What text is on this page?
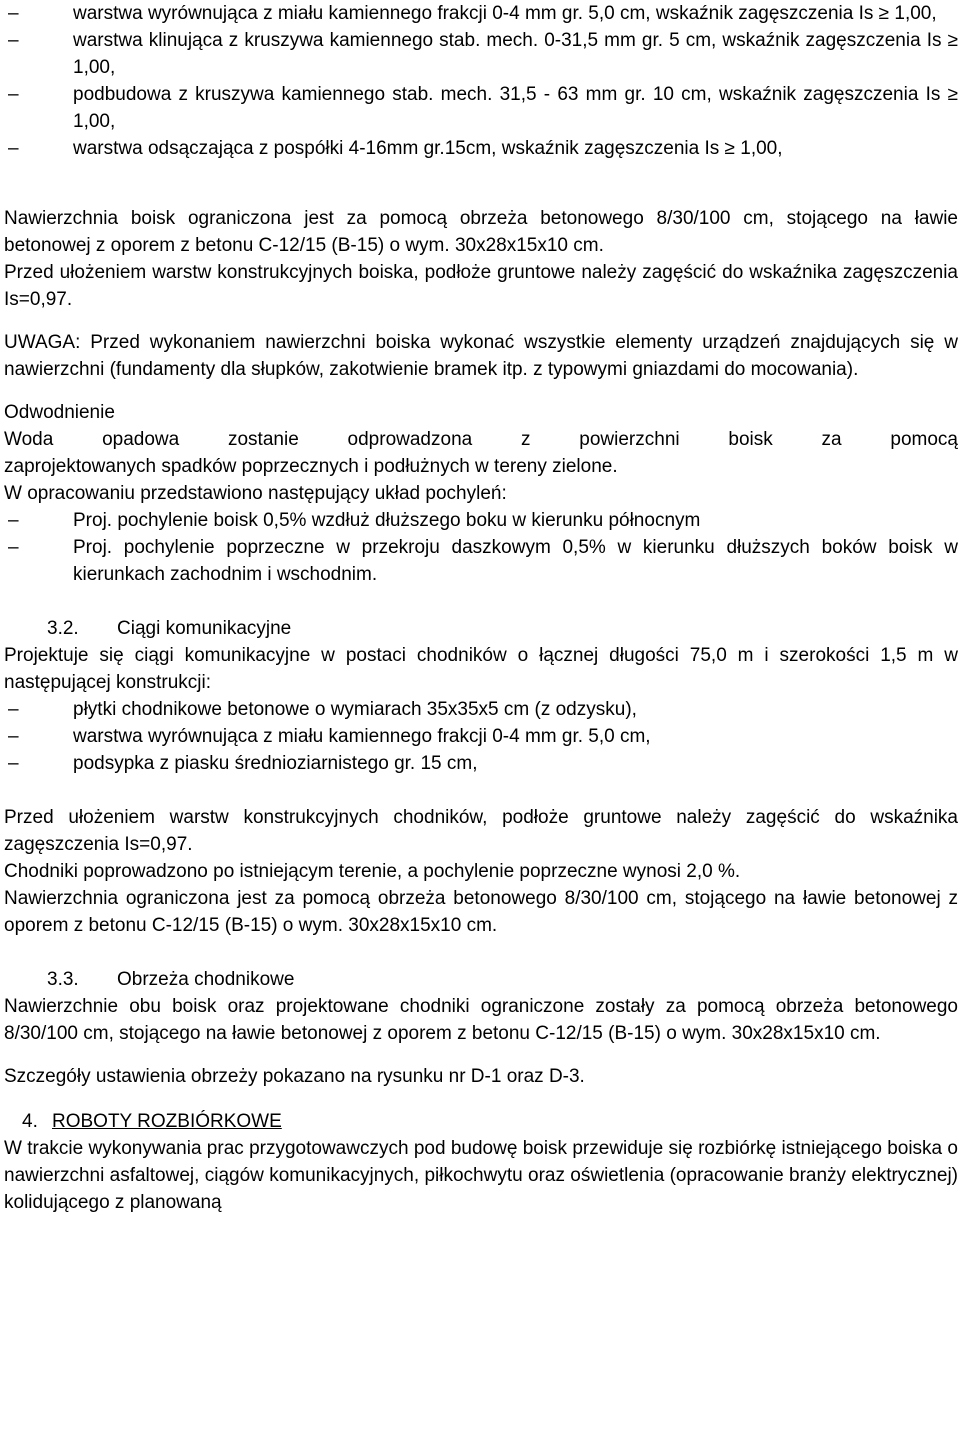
–	warstwa wyrównująca z miału kamiennego frakcji 0-4 mm gr. 5,0 cm, wskaźnik zagęszczenia Is ≥ 1,00,
–	warstwa klinująca z kruszywa kamiennego stab. mech. 0-31,5 mm gr. 5 cm, wskaźnik zagęszczenia Is ≥ 1,00,
–	podbudowa z kruszywa kamiennego stab. mech. 31,5 - 63 mm gr. 10 cm, wskaźnik zagęszczenia Is ≥ 1,00,
–	warstwa odsączająca z pospółki 4-16mm gr.15cm, wskaźnik zagęszczenia Is ≥ 1,00,

Nawierzchnia boisk ograniczona jest za pomocą obrzeża betonowego 8/30/100 cm, stojącego na ławie betonowej z oporem z betonu C-12/15 (B-15) o wym. 30x28x15x10 cm.

Przed ułożeniem warstw konstrukcyjnych boiska, podłoże gruntowe należy zagęścić do wskaźnika zagęszczenia Is=0,97.

UWAGA: Przed wykonaniem nawierzchni boiska wykonać wszystkie elementy urządzeń znajdujących się w nawierzchni (fundamenty dla słupków, zakotwienie bramek itp. z typowymi gniazdami do mocowania).

Odwodnienie

Woda opadowa zostanie odprowadzona z powierzchni boisk za pomocą

zaprojektowanych spadków poprzecznych i podłużnych w tereny zielone.

W opracowaniu przedstawiono następujący układ pochyleń:

–	Proj. pochylenie boisk 0,5% wzdłuż dłuższego boku w kierunku północnym
–	Proj. pochylenie poprzeczne w przekroju daszkowym 0,5% w kierunku dłuższych boków boisk w kierunkach zachodnim i wschodnim.
3.2.	Ciągi komunikacyjne

Projektuje się ciągi komunikacyjne w postaci chodników o łącznej długości 75,0 m i szerokości 1,5 m w następującej konstrukcji:

–	płytki chodnikowe betonowe o wymiarach 35x35x5 cm (z odzysku),
–	warstwa wyrównująca z miału kamiennego frakcji 0-4 mm gr. 5,0 cm,
–	podsypka z piasku średnioziarnistego gr. 15 cm,

Przed ułożeniem warstw konstrukcyjnych chodników, podłoże gruntowe należy zagęścić do wskaźnika zagęszczenia Is=0,97.

Chodniki poprowadzono po istniejącym terenie, a pochylenie poprzeczne wynosi 2,0 %.

Nawierzchnia ograniczona jest za pomocą obrzeża betonowego 8/30/100 cm, stojącego na ławie betonowej z oporem z betonu C-12/15 (B-15) o wym. 30x28x15x10 cm.

3.3.	Obrzeża chodnikowe

Nawierzchnie obu boisk oraz projektowane chodniki ograniczone zostały za pomocą obrzeża betonowego 8/30/100 cm, stojącego na ławie betonowej z oporem z betonu C-12/15 (B-15) o wym. 30x28x15x10 cm.

Szczegóły ustawienia obrzeży pokazano na rysunku nr D-1 oraz D-3.

4. ROBOTY ROZBIÓRKOWE

W trakcie wykonywania prac przygotowawczych pod budowę boisk przewiduje się rozbiórkę istniejącego boiska o nawierzchni asfaltowej, ciągów komunikacyjnych, piłkochwytu oraz oświetlenia (opracowanie branży elektrycznej) kolidującego z planowaną
